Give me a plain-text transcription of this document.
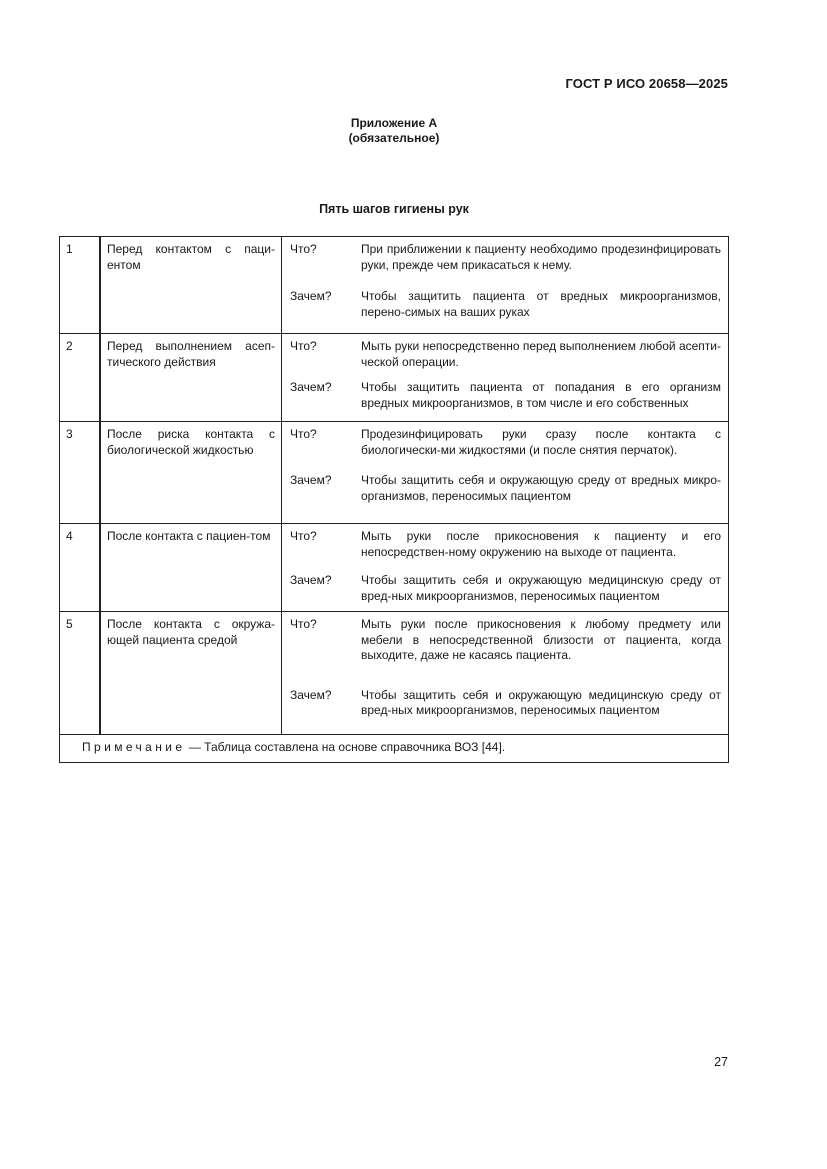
ГОСТ Р ИСО 20658—2025
Приложение А
(обязательное)
Пять шагов гигиены рук
1	Перед контактом с паци-ентом	Что? При приближении к пациенту необходимо продезинфицировать руки, прежде чем прикасаться к нему.
Зачем? Чтобы защитить пациента от вредных микроорганизмов, перено-симых на ваших руках

2	Перед выполнением асеп-тического действия	Что? Мыть руки непосредственно перед выполнением любой асепти-ческой операции.
Зачем? Чтобы защитить пациента от попадания в его организм вредных микроорганизмов, в том числе и его собственных

3	После риска контакта с биологической жидкостью	Что? Продезинфицировать руки сразу после контакта с биологически-ми жидкостями (и после снятия перчаток).
Зачем? Чтобы защитить себя и окружающую среду от вредных микро-организмов, переносимых пациентом

4	После контакта с пациен-том	Что? Мыть руки после прикосновения к пациенту и его непосредствен-ному окружению на выходе от пациента.
Зачем? Чтобы защитить себя и окружающую медицинскую среду от вред-ных микроорганизмов, переносимых пациентом

5	После контакта с окружа-ющей пациента средой	Что? Мыть руки после прикосновения к любому предмету или мебели в непосредственной близости от пациента, когда выходите, даже не касаясь пациента.
Зачем? Чтобы защитить себя и окружающую медицинскую среду от вред-ных микроорганизмов, переносимых пациентом

Примечание — Таблица составлена на основе справочника ВОЗ [44].		
27
